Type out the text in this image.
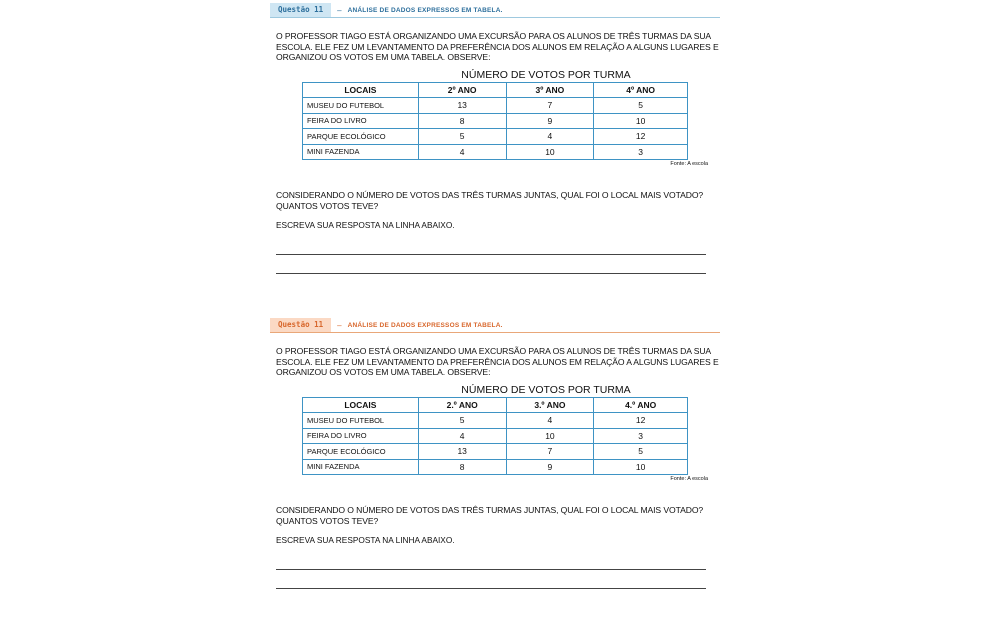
Questão 11	– ANÁLISE DE DADOS EXPRESSOS EM TABELA.
O PROFESSOR TIAGO ESTÁ ORGANIZANDO UMA EXCURSÃO PARA OS ALUNOS DE TRÊS TURMAS DA SUA ESCOLA. ELE FEZ UM LEVANTAMENTO DA PREFERÊNCIA DOS ALUNOS EM RELAÇÃO A ALGUNS LUGARES E ORGANIZOU OS VOTOS EM UMA TABELA. OBSERVE:
NÚMERO DE VOTOS POR TURMA
LOCAIS	2º ANO	3º ANO	4º ANO
MUSEU DO FUTEBOL	13	7	5
FEIRA DO LIVRO	8	9	10
PARQUE ECOLÓGICO	5	4	12
MINI FAZENDA	4	10	3
Fonte: A escola
CONSIDERANDO O NÚMERO DE VOTOS DAS TRÊS TURMAS JUNTAS, QUAL FOI O LOCAL MAIS VOTADO? QUANTOS VOTOS TEVE?
ESCREVA SUA RESPOSTA NA LINHA ABAIXO.
Questão 11	– ANÁLISE DE DADOS EXPRESSOS EM TABELA.
O PROFESSOR TIAGO ESTÁ ORGANIZANDO UMA EXCURSÃO PARA OS ALUNOS DE TRÊS TURMAS DA SUA ESCOLA. ELE FEZ UM LEVANTAMENTO DA PREFERÊNCIA DOS ALUNOS EM RELAÇÃO A ALGUNS LUGARES E ORGANIZOU OS VOTOS EM UMA TABELA. OBSERVE:
NÚMERO DE VOTOS POR TURMA
LOCAIS	2.º ANO	3.º ANO	4.º ANO
MUSEU DO FUTEBOL	5	4	12
FEIRA DO LIVRO	4	10	3
PARQUE ECOLÓGICO	13	7	5
MINI FAZENDA	8	9	10
Fonte: A escola
CONSIDERANDO O NÚMERO DE VOTOS DAS TRÊS TURMAS JUNTAS, QUAL FOI O LOCAL MAIS VOTADO? QUANTOS VOTOS TEVE?
ESCREVA SUA RESPOSTA NA LINHA ABAIXO.
